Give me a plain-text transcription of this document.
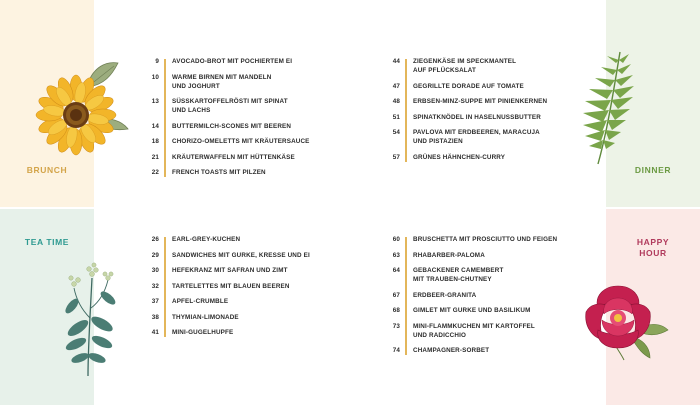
BRUNCH	DINNER
TEA TIME	HAPPY
HOUR
9 AVOCADO-BROT MIT POCHIERTEM EI
10 WARME BIRNEN MIT MANDELN
UND JOGHURT
13 SÜSSKARTOFFELRÖSTI MIT SPINAT
UND LACHS
14 BUTTERMILCH-SCONES MIT BEEREN
18 CHORIZO-OMELETTS MIT KRÄUTERSAUCE
21 KRÄUTERWAFFELN MIT HÜTTENKÄSE
22 FRENCH TOASTS MIT PILZEN
44 ZIEGENKÄSE IM SPECKMANTEL
AUF PFLÜCKSALAT
47 GEGRILLTE DORADE AUF TOMATE
48 ERBSEN-MINZ-SUPPE MIT PINIENKERNEN
51 SPINATKNÖDEL IN HASELNUSSBUTTER
54 PAVLOVA MIT ERDBEEREN, MARACUJA
UND PISTAZIEN
57 GRÜNES HÄHNCHEN-CURRY
26 EARL-GREY-KUCHEN
29 SANDWICHES MIT GURKE, KRESSE UND EI
30 HEFEKRANZ MIT SAFRAN UND ZIMT
32 TARTELETTES MIT BLAUEN BEEREN
37 APFEL-CRUMBLE
38 THYMIAN-LIMONADE
41 MINI-GUGELHUPFE
60 BRUSCHETTA MIT PROSCIUTTO UND FEIGEN
63 RHABARBER-PALOMA
64 GEBACKENER CAMEMBERT
MIT TRAUBEN-CHUTNEY
67 ERDBEER-GRANITA
68 GIMLET MIT GURKE UND BASILIKUM
73 MINI-FLAMMKUCHEN MIT KARTOFFEL
UND RADICCHIO
74 CHAMPAGNER-SORBET
